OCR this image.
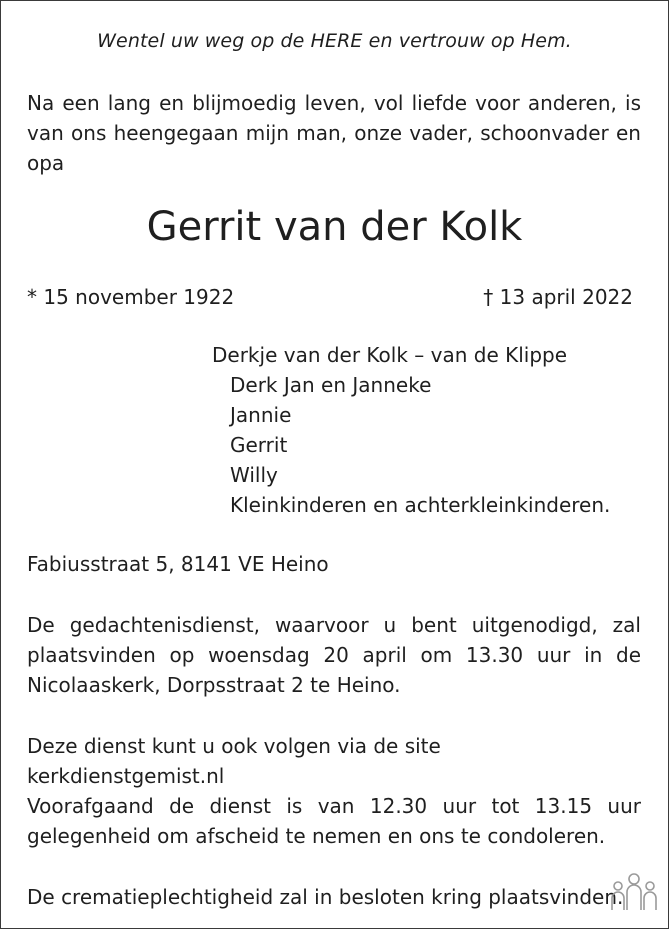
Wentel uw weg op de HERE en vertrouw op Hem.

Na een lang en blijmoedig leven, vol liefde voor anderen, is van ons heengegaan mijn man, onze vader, schoonvader en opa

Gerrit van der Kolk
* 15 november 1922	† 13 april 2022
Derkje van der Kolk – van de Klippe
Derk Jan en Janneke
Jannie
Gerrit
Willy
Kleinkinderen en achterkleinkinderen.

Fabiusstraat 5, 8141 VE Heino

De gedachtenisdienst, waarvoor u bent uitgenodigd, zal plaatsvinden op woensdag 20 april om 13.30 uur in de Nicolaaskerk, Dorpsstraat 2 te Heino.

Deze dienst kunt u ook volgen via de site kerkdienstgemist.nl

Voorafgaand de dienst is van 12.30 uur tot 13.15 uur gelegenheid om afscheid te nemen en ons te condoleren.

De crematieplechtigheid zal in besloten kring plaatsvinden.
